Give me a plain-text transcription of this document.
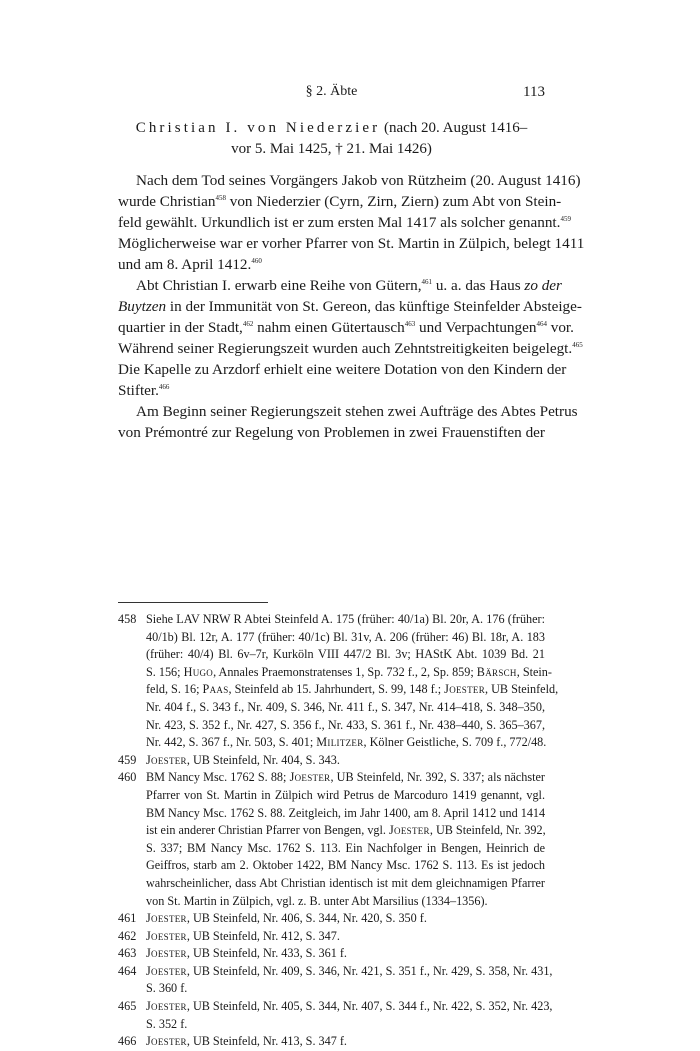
§ 2. Äbte	113
Christian I. von Niederzier (nach 20. August 1416–
vor 5. Mai 1425, † 21. Mai 1426)
Nach dem Tod seines Vorgängers Jakob von Rützheim (20. August 1416)
wurde Christian$^{458}$ von Niederzier (Cyrn, Zirn, Ziern) zum Abt von Stein-
feld gewählt. Urkundlich ist er zum ersten Mal 1417 als solcher genannt.$^{459}$
Möglicherweise war er vorher Pfarrer von St. Martin in Zülpich, belegt 1411
und am 8. April 1412.$^{460}$
Abt Christian I. erwarb eine Reihe von Gütern,$^{461}$ u. a. das Haus zo der
Buytzen in der Immunität von St. Gereon, das künftige Steinfelder Absteige-
quartier in der Stadt,$^{462}$ nahm einen Gütertausch$^{463}$ und Verpachtungen$^{464}$ vor.
Während seiner Regierungszeit wurden auch Zehntstreitigkeiten beigelegt.$^{465}$
Die Kapelle zu Arzdorf erhielt eine weitere Dotation von den Kindern der
Stifter.$^{466}$
Am Beginn seiner Regierungszeit stehen zwei Aufträge des Abtes Petrus
von Prémontré zur Regelung von Problemen in zwei Frauenstiften der
458 Siehe LAV NRW R Abtei Steinfeld A. 175 (früher: 40/1a) Bl. 20r, A. 176 (früher:
40/1b) Bl. 12r, A. 177 (früher: 40/1c) Bl. 31v, A. 206 (früher: 46) Bl. 18r, A. 183
(früher: 40/4) Bl. 6v–7r, Kurköln VIII 447/2 Bl. 3v; HAStK Abt. 1039 Bd. 21
S. 156; Hugo, Annales Praemonstratenses 1, Sp. 732 f., 2, Sp. 859; Bärsch, Stein-
feld, S. 16; Paas, Steinfeld ab 15. Jahrhundert, S. 99, 148 f.; Joester, UB Steinfeld,
Nr. 404 f., S. 343 f., Nr. 409, S. 346, Nr. 411 f., S. 347, Nr. 414–418, S. 348–350,
Nr. 423, S. 352 f., Nr. 427, S. 356 f., Nr. 433, S. 361 f., Nr. 438–440, S. 365–367,
Nr. 442, S. 367 f., Nr. 503, S. 401; Militzer, Kölner Geistliche, S. 709 f., 772/48.
459 Joester, UB Steinfeld, Nr. 404, S. 343.
460 BM Nancy Msc. 1762 S. 88; Joester, UB Steinfeld, Nr. 392, S. 337; als nächster
Pfarrer von St. Martin in Zülpich wird Petrus de Marcoduro 1419 genannt, vgl.
BM Nancy Msc. 1762 S. 88. Zeitgleich, im Jahr 1400, am 8. April 1412 und 1414
ist ein anderer Christian Pfarrer von Bengen, vgl. Joester, UB Steinfeld, Nr. 392,
S. 337; BM Nancy Msc. 1762 S. 113. Ein Nachfolger in Bengen, Heinrich de
Geiffros, starb am 2. Oktober 1422, BM Nancy Msc. 1762 S. 113. Es ist jedoch
wahrscheinlicher, dass Abt Christian identisch ist mit dem gleichnamigen Pfarrer
von St. Martin in Zülpich, vgl. z. B. unter Abt Marsilius (1334–1356).
461 Joester, UB Steinfeld, Nr. 406, S. 344, Nr. 420, S. 350 f.
462 Joester, UB Steinfeld, Nr. 412, S. 347.
463 Joester, UB Steinfeld, Nr. 433, S. 361 f.
464 Joester, UB Steinfeld, Nr. 409, S. 346, Nr. 421, S. 351 f., Nr. 429, S. 358, Nr. 431,
S. 360 f.
465 Joester, UB Steinfeld, Nr. 405, S. 344, Nr. 407, S. 344 f., Nr. 422, S. 352, Nr. 423,
S. 352 f.
466 Joester, UB Steinfeld, Nr. 413, S. 347 f.
